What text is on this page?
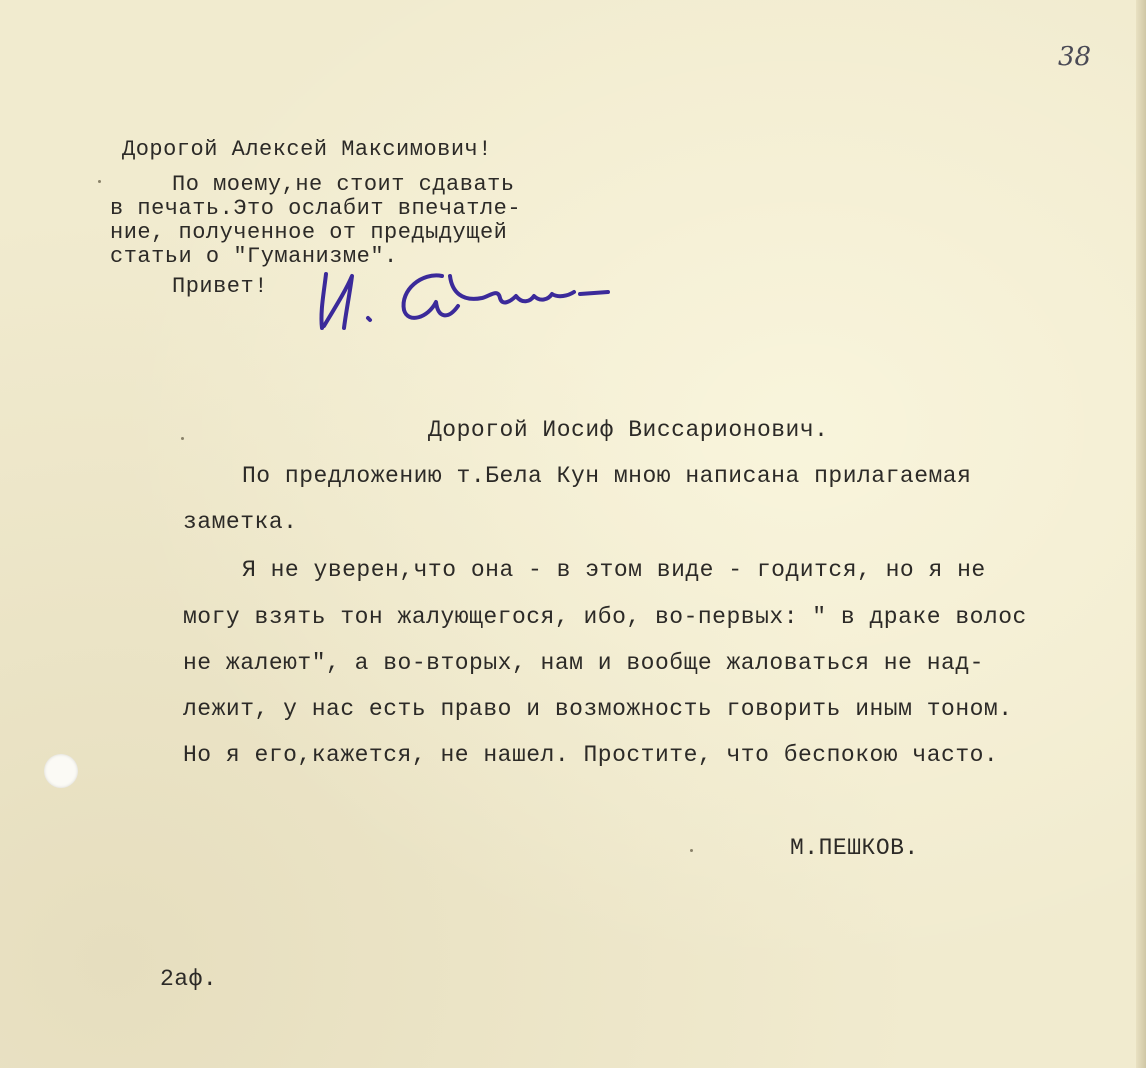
38
Дорогой Алексей Максимович!
По моему,не стоит сдавать
в печать.Это ослабит впечатле-
ние, полученное от предыдущей
статьи о "Гуманизме".
Привет!
Дорогой Иосиф Виссарионович.
По предложению т.Бела Кун мною написана прилагаемая
заметка.
Я не уверен,что она - в этом виде - годится, но я не
могу взять тон жалующегося, ибо, во-первых: " в драке волос
не жалеют", а во-вторых, нам и вообще жаловаться не над-
лежит, у нас есть право и возможность говорить иным тоном.
Но я его,кажется, не нашел. Простите, что беспокою часто.
М.ПЕШКОВ.
2аф.
